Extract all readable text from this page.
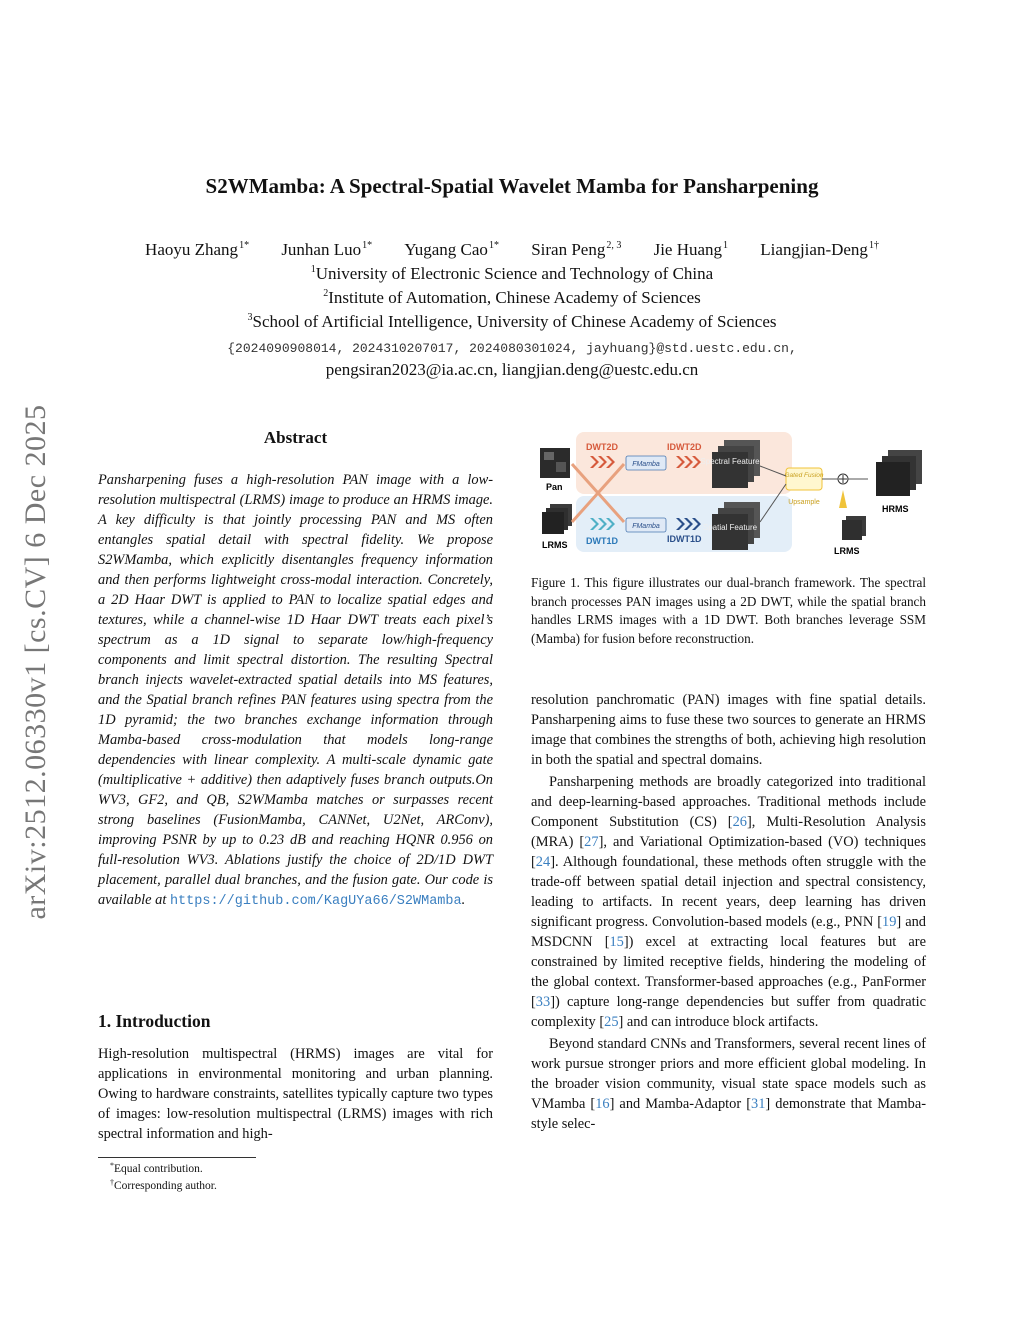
arXiv:2512.06330v1 [cs.CV] 6 Dec 2025
S2WMamba: A Spectral-Spatial Wavelet Mamba for Pansharpening
Haoyu Zhang$^{1*}$ Junhan Luo$^{1*}$ Yugang Cao$^{1*}$ Siran Peng$^{2, 3}$ Jie Huang$^1$ Liangjian-Deng$^{1\dagger}$
$^1$University of Electronic Science and Technology of China
$^2$Institute of Automation, Chinese Academy of Sciences
$^3$School of Artificial Intelligence, University of Chinese Academy of Sciences
{2024090908014, 2024310207017, 2024080301024, jayhuang}@std.uestc.edu.cn,
pengsiran2023@ia.ac.cn, liangjian.deng@uestc.edu.cn
Abstract
Pansharpening fuses a high-resolution PAN image with a low-resolution multispectral (LRMS) image to produce an HRMS image. A key difficulty is that jointly processing PAN and MS often entangles spatial detail with spectral fidelity. We propose S2WMamba, which explicitly disentangles frequency information and then performs lightweight cross-modal interaction. Concretely, a 2D Haar DWT is applied to PAN to localize spatial edges and textures, while a channel-wise 1D Haar DWT treats each pixel’s spectrum as a 1D signal to separate low/high-frequency components and limit spectral distortion. The resulting Spectral branch injects wavelet-extracted spatial details into MS features, and the Spatial branch refines PAN features using spectra from the 1D pyramid; the two branches exchange information through Mamba-based cross-modulation that models long-range dependencies with linear complexity. A multi-scale dynamic gate (multiplicative + additive) then adaptively fuses branch outputs.On WV3, GF2, and QB, S2WMamba matches or surpasses recent strong baselines (FusionMamba, CANNet, U2Net, ARConv), improving PSNR by up to 0.23 dB and reaching HQNR 0.956 on full-resolution WV3. Ablations justify the choice of 2D/1D DWT placement, parallel dual branches, and the fusion gate. Our code is available at https://github.com/KagUYa66/S2WMamba.
1. Introduction
High-resolution multispectral (HRMS) images are vital for applications in environmental monitoring and urban planning. Owing to hardware constraints, satellites typically capture two types of images: low-resolution multispectral (LRMS) images with rich spectral information and high-
*Equal contribution.
†Corresponding author.
Pan
LRMS
DWT2D
FMamba
IDWT2D
Spectral Feature
DWT1D
FMamba
IDWT1D
Spatial Feature
Gated Fusion
Upsample
LRMS
HRMS
Figure 1. This figure illustrates our dual-branch framework. The spectral branch processes PAN images using a 2D DWT, while the spatial branch handles LRMS images with a 1D DWT. Both branches leverage SSM (Mamba) for fusion before reconstruction.

resolution panchromatic (PAN) images with fine spatial details. Pansharpening aims to fuse these two sources to generate an HRMS image that combines the strengths of both, achieving high resolution in both the spatial and spectral domains.

Pansharpening methods are broadly categorized into traditional and deep-learning-based approaches. Traditional methods include Component Substitution (CS) [26], Multi-Resolution Analysis (MRA) [27], and Variational Optimization-based (VO) techniques [24]. Although foundational, these methods often struggle with the trade-off between spatial detail injection and spectral consistency, leading to artifacts. In recent years, deep learning has driven significant progress. Convolution-based models (e.g., PNN [19] and MSDCNN [15]) excel at extracting local features but are constrained by limited receptive fields, hindering the modeling of the global context. Transformer-based approaches (e.g., PanFormer [33]) capture long-range dependencies but suffer from quadratic complexity [25] and can introduce block artifacts.

Beyond standard CNNs and Transformers, several recent lines of work pursue stronger priors and more efficient global modeling. In the broader vision community, visual state space models such as VMamba [16] and Mamba-Adaptor [31] demonstrate that Mamba-style selec-
